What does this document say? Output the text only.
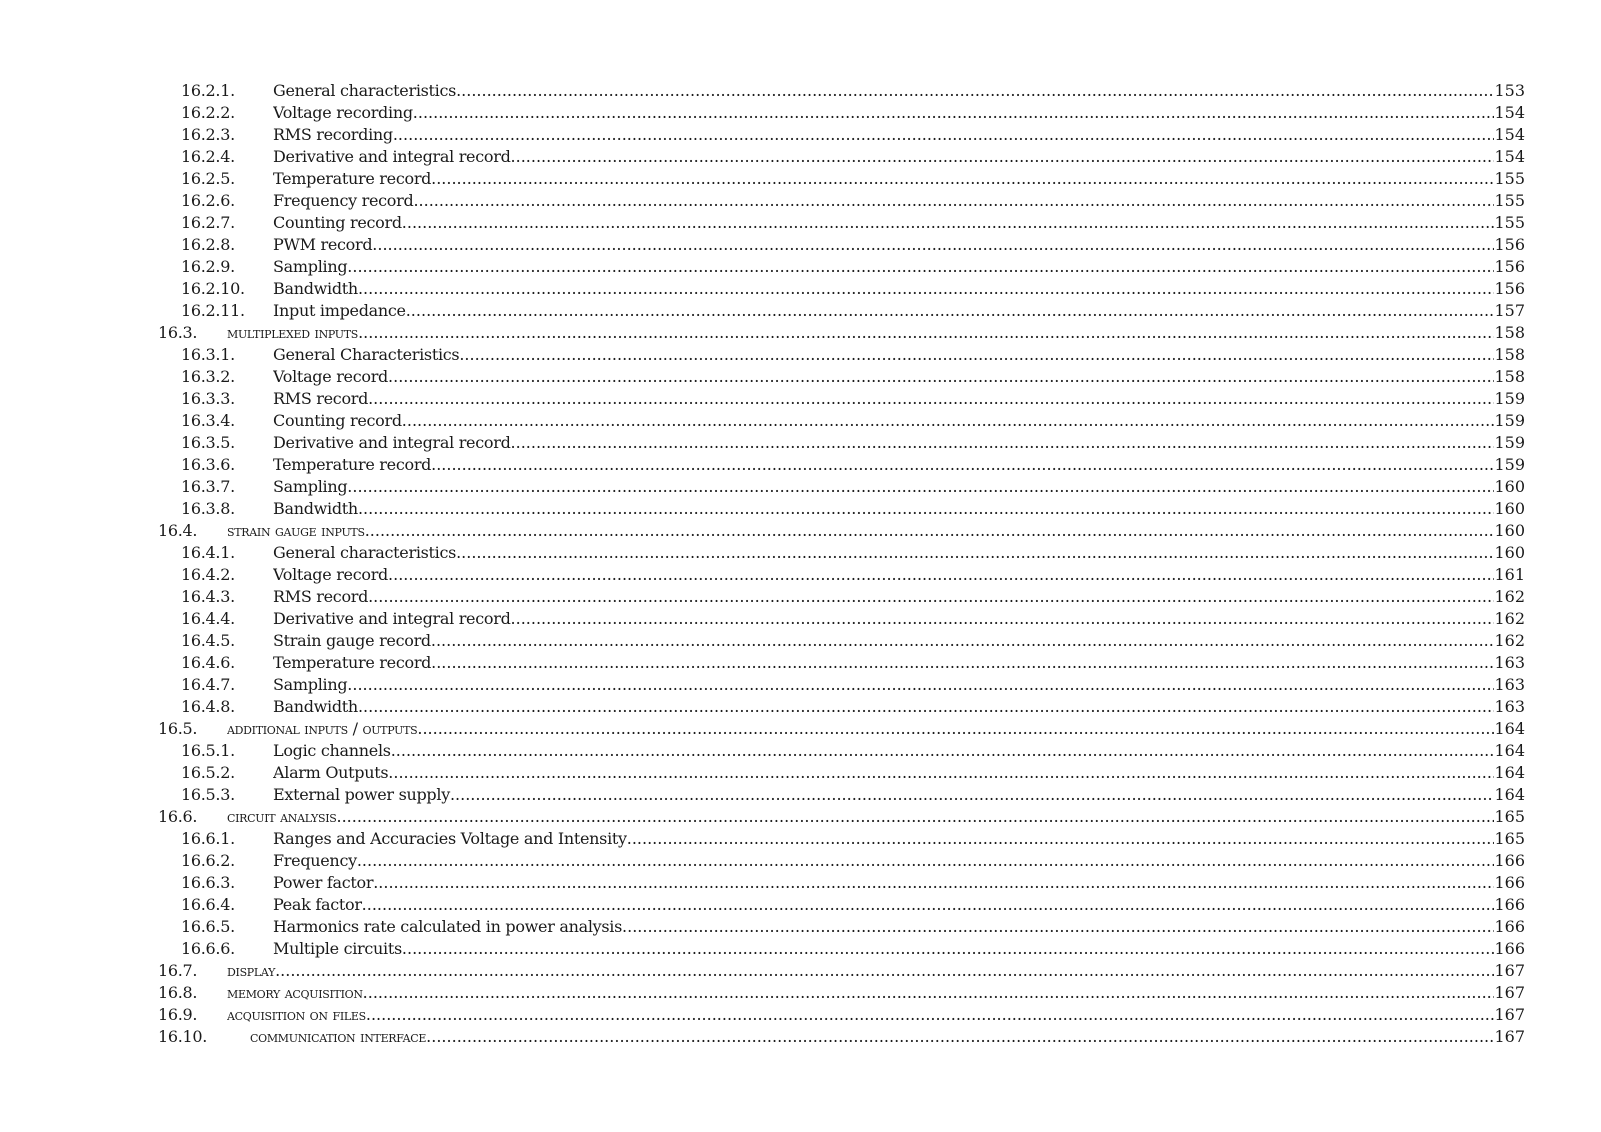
16.2.1. General characteristics .....	153
16.2.2. Voltage recording .....	154
16.2.3. RMS recording .....	154
16.2.4. Derivative and integral record .....	154
16.2.5. Temperature record .....	155
16.2.6. Frequency record .....	155
16.2.7. Counting record .....	155
16.2.8. PWM record .....	156
16.2.9. Sampling .....	156
16.2.10. Bandwidth .....	156
16.2.11. Input impedance .....	157
16.3. multiplexed inputs .....	158
16.3.1. General Characteristics .....	158
16.3.2. Voltage record .....	158
16.3.3. RMS record .....	159
16.3.4. Counting record .....	159
16.3.5. Derivative and integral record .....	159
16.3.6. Temperature record .....	159
16.3.7. Sampling .....	160
16.3.8. Bandwidth .....	160
16.4. strain gauge inputs .....	160
16.4.1. General characteristics .....	160
16.4.2. Voltage record .....	161
16.4.3. RMS record .....	162
16.4.4. Derivative and integral record .....	162
16.4.5. Strain gauge record .....	162
16.4.6. Temperature record .....	163
16.4.7. Sampling .....	163
16.4.8. Bandwidth .....	163
16.5. additional inputs / outputs .....	164
16.5.1. Logic channels .....	164
16.5.2. Alarm Outputs .....	164
16.5.3. External power supply .....	164
16.6. circuit analysis .....	165
16.6.1. Ranges and Accuracies Voltage and Intensity .....	165
16.6.2. Frequency .....	166
16.6.3. Power factor .....	166
16.6.4. Peak factor .....	166
16.6.5. Harmonics rate calculated in power analysis .....	166
16.6.6. Multiple circuits .....	166
16.7. display .....	167
16.8. memory acquisition .....	167
16.9. acquisition on files .....	167
16.10.	communication interface .....	167
